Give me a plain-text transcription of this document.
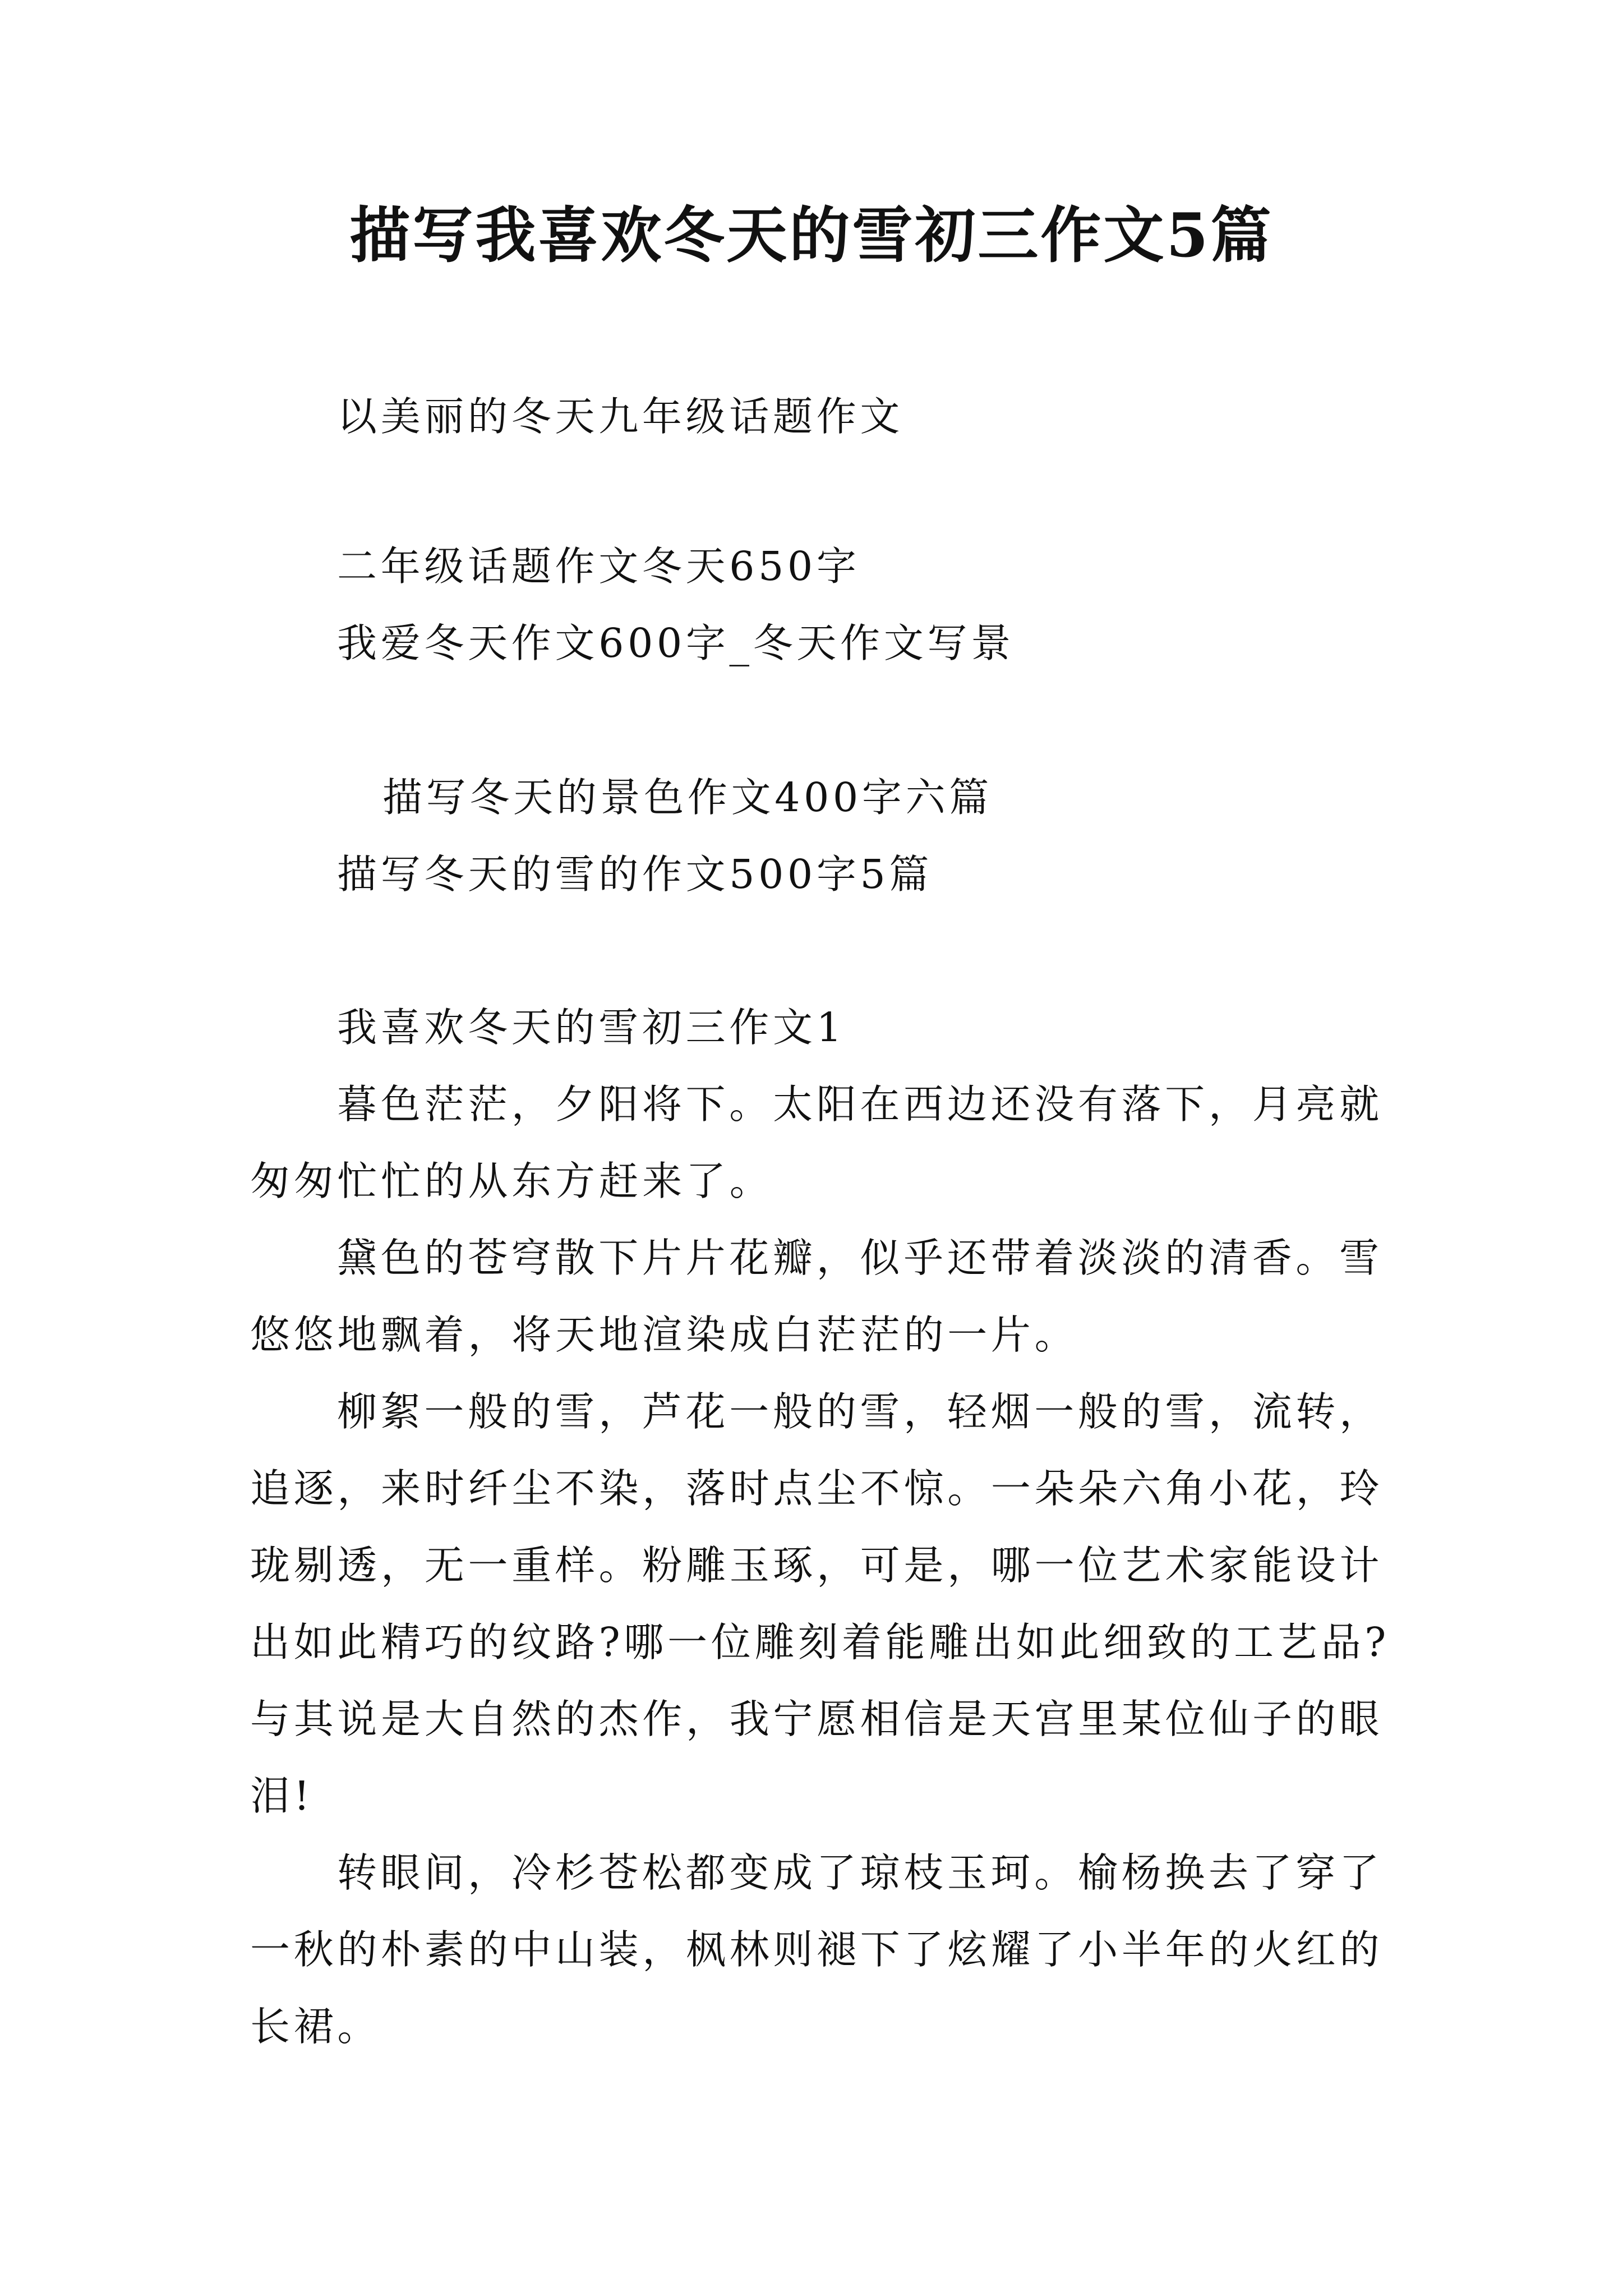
描写我喜欢冬天的雪初三作文5篇
以美丽的冬天九年级话题作文
二年级话题作文冬天650字
我爱冬天作文600字_冬天作文写景
描写冬天的景色作文400字六篇
描写冬天的雪的作文500字5篇
我喜欢冬天的雪初三作文1
暮色茫茫，夕阳将下。太阳在西边还没有落下，月亮就
匆匆忙忙的从东方赶来了。
黛色的苍穹散下片片花瓣，似乎还带着淡淡的清香。雪
悠悠地飘着，将天地渲染成白茫茫的一片。
柳絮一般的雪，芦花一般的雪，轻烟一般的雪，流转，
追逐，来时纤尘不染，落时点尘不惊。一朵朵六角小花，玲
珑剔透，无一重样。粉雕玉琢，可是，哪一位艺术家能设计
出如此精巧的纹路?哪一位雕刻着能雕出如此细致的工艺品?
与其说是大自然的杰作，我宁愿相信是天宫里某位仙子的眼
泪!
转眼间，冷杉苍松都变成了琼枝玉珂。榆杨换去了穿了
一秋的朴素的中山装，枫林则褪下了炫耀了小半年的火红的
长裙。
